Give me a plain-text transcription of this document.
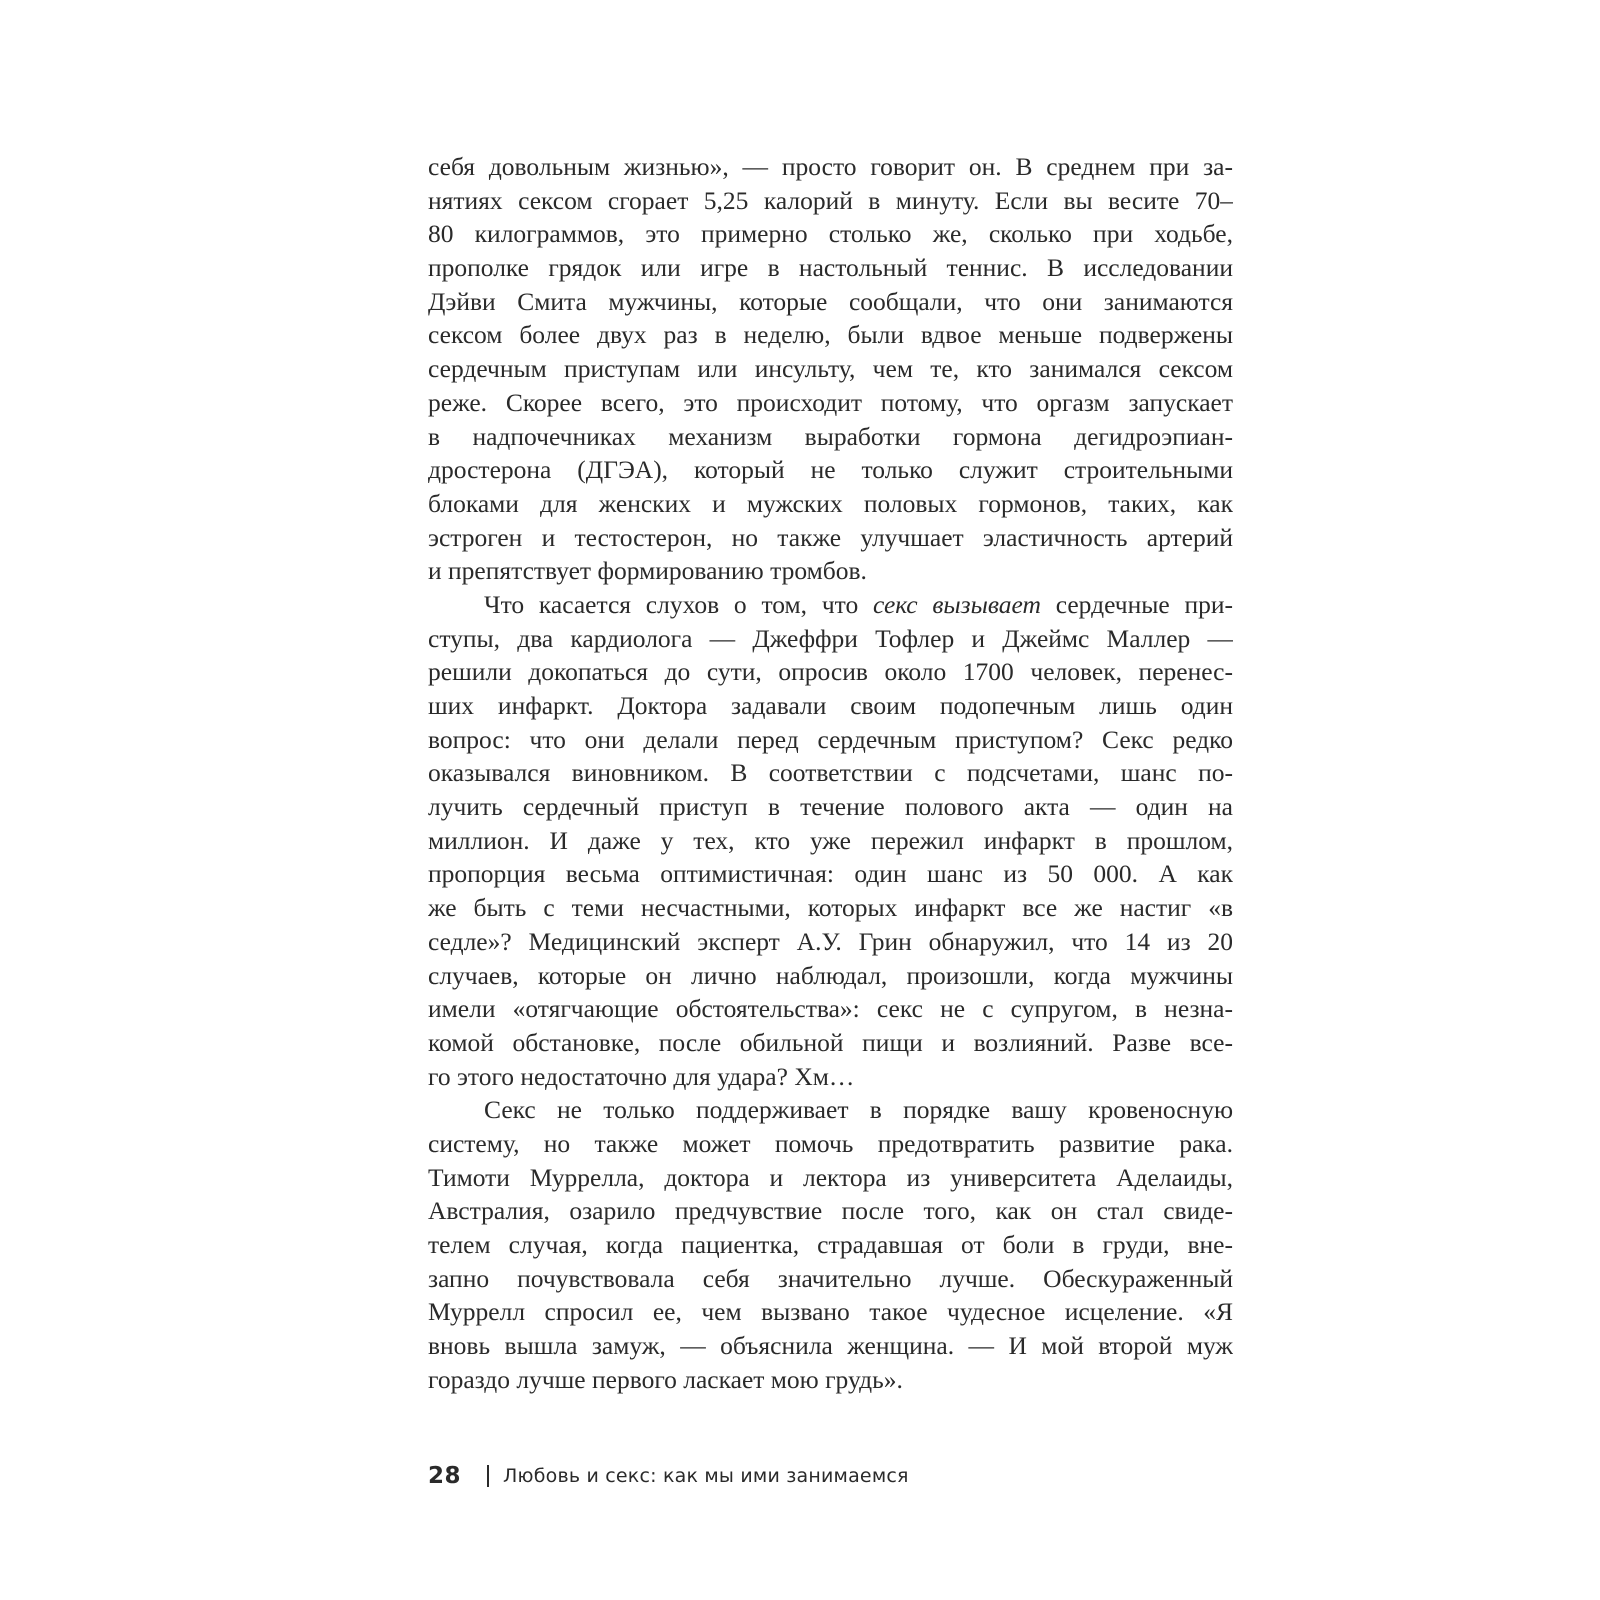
себя довольным жизнью», — просто говорит он. В среднем при за-
нятиях сексом сгорает 5,25 калорий в минуту. Если вы весите 70–
80 килограммов, это примерно столько же, сколько при ходьбе,
прополке грядок или игре в настольный теннис. В исследовании
Дэйви Смита мужчины, которые сообщали, что они занимаются
сексом более двух раз в неделю, были вдвое меньше подвержены
сердечным приступам или инсульту, чем те, кто занимался сексом
реже. Скорее всего, это происходит потому, что оргазм запускает
в надпочечниках механизм выработки гормона дегидроэпиан-
дростерона (ДГЭА), который не только служит строительными
блоками для женских и мужских половых гормонов, таких, как
эстроген и тестостерон, но также улучшает эластичность артерий
и препятствует формированию тромбов.
Что касается слухов о том, что секс вызывает сердечные при-
ступы, два кардиолога — Джеффри Тофлер и Джеймс Маллер —
решили докопаться до сути, опросив около 1700 человек, перенес-
ших инфаркт. Доктора задавали своим подопечным лишь один
вопрос: что они делали перед сердечным приступом? Секс редко
оказывался виновником. В соответствии с подсчетами, шанс по-
лучить сердечный приступ в течение полового акта — один на
миллион. И даже у тех, кто уже пережил инфаркт в прошлом,
пропорция весьма оптимистичная: один шанс из 50 000. А как
же быть с теми несчастными, которых инфаркт все же настиг «в
седле»? Медицинский эксперт А.У. Грин обнаружил, что 14 из 20
случаев, которые он лично наблюдал, произошли, когда мужчины
имели «отягчающие обстоятельства»: секс не с супругом, в незна-
комой обстановке, после обильной пищи и возлияний. Разве все-
го этого недостаточно для удара? Хм…
Секс не только поддерживает в порядке вашу кровеносную
систему, но также может помочь предотвратить развитие рака.
Тимоти Муррелла, доктора и лектора из университета Аделаиды,
Австралия, озарило предчувствие после того, как он стал свиде-
телем случая, когда пациентка, страдавшая от боли в груди, вне-
запно почувствовала себя значительно лучше. Обескураженный
Муррелл спросил ее, чем вызвано такое чудесное исцеление. «Я
вновь вышла замуж, — объяснила женщина. — И мой второй муж
гораздо лучше первого ласкает мою грудь».
28 Любовь и секс: как мы ими занимаемся
